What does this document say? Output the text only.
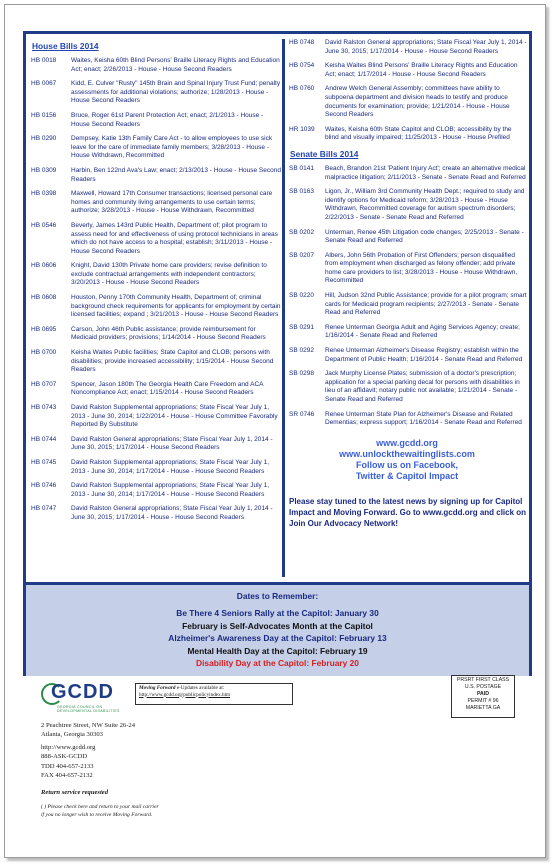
House Bills 2014
HB 0018	Waites, Keisha 60th Blind Persons' Braille Literacy Rights and Education Act; enact; 2/26/2013 - House - House Second Readers
HB 0067	Kidd, E. Culver "Rusty" 145th Brain and Spinal Injury Trust Fund; penalty assessments for additional violations; authorize; 1/28/2013 - House - House Second Readers
HB 0156	Bruce, Roger 61st Parent Protection Act; enact; 2/1/2013 - House - House Second Readers
HB 0290	Dempsey, Katie 13th Family Care Act - to allow employees to use sick leave for the care of immediate family members; 3/28/2013 - House - House Withdrawn, Recommitted
HB 0309	Harbin, Ben 122nd Ava's Law; enact; 2/13/2013 - House - House Second Readers
HB 0398	Maxwell, Howard 17th Consumer transactions; licensed personal care homes and community living arrangements to use certain terms; authorize; 3/28/2013 - House - House Withdrawn, Recommitted
HB 0546	Beverly, James 143rd Public Health, Department of; pilot program to assess need for and effectiveness of using protocol technicians in areas which do not have access to a hospital; establish; 3/11/2013 - House - House Second Readers
HB 0606	Knight, David 130th Private home care providers; revise definition to exclude contractual arrangements with independent contractors; 3/20/2013 - House - House Second Readers
HB 0608	Houston, Penny 170th Community Health, Department of; criminal background check requirements for applicants for employment by certain licensed facilities; expand ; 3/21/2013 - House - House Second Readers
HB 0695	Carson, John 46th Public assistance; provide reimbursement for Medicaid providers; provisions; 1/14/2014 - House Second Readers
HB 0700	Keisha Waites Public facilities; State Capitol and CLOB; persons with disabilities; provide increased accessibility; 1/15/2014 - House Second Readers
HB 0707	Spencer, Jason 180th The Georgia Health Care Freedom and ACA Noncompliance Act; enact; 1/15/2014 - House Second Readers
HB 0743	David Ralston Supplemental appropriations; State Fiscal Year July 1, 2013 - June 30, 2014; 1/22/2014 - House - House Committee Favorably Reported By Substitute
HB 0744	David Ralston General appropriations; State Fiscal Year July 1, 2014 - June 30, 2015; 1/17/2014 - House Second Readers
HB 0745	David Ralston Supplemental appropriations; State Fiscal Year July 1, 2013 - June 30, 2014; 1/17/2014 - House - House Second Readers
HB 0746	David Ralston Supplemental appropriations; State Fiscal Year July 1, 2013 - June 30, 2014; 1/17/2014 - House - House Second Readers
HB 0747	David Ralston General appropriations; State Fiscal Year July 1, 2014 - June 30, 2015; 1/17/2014 - House - House Second Readers
HB 0748	David Ralston General appropriations; State Fiscal Year July 1, 2014 - June 30, 2015; 1/17/2014 - House - House Second Readers
HB 0754	Keisha Waites Blind Persons' Braille Literacy Rights and Education Act; enact; 1/17/2014 - House - House Second Readers
HB 0760	Andrew Welch General Assembly; committees have ability to subpoena department and division heads to testify and produce documents for examination; provide; 1/21/2014 - House - House Second Readers
HR 1039	Waites, Keisha 60th State Capitol and CLOB; accessibility by the blind and visually impaired; 11/25/2013 - House - House Prefiled
Senate Bills 2014
SB 0141	Beach, Brandon 21st 'Patient Injury Act'; create an alternative medical malpractice litigation; 2/11/2013 - Senate - Senate Read and Referred
SB 0163	Ligon, Jr., William 3rd Community Health Dept.; required to study and identify options for Medicaid reform; 3/28/2013 - House - House Withdrawn, Recommitted coverage for autism spectrum disorders; 2/22/2013 - Senate - Senate Read and Referred
SB 0202	Unterman, Renee 45th Litigation code changes; 2/25/2013 - Senate - Senate Read and Referred
SB 0207	Albers, John 56th Probation of First Offenders; person disqualified from employment when discharged as felony offender; add private home care providers to list; 3/28/2013 - House - House Withdrawn, Recommitted
SB 0220	Hill, Judson 32nd Public Assistance; provide for a pilot program; smart cards for Medicaid program recipients; 2/27/2013 - Senate - Senate Read and Referred
SB 0291	Renee Unterman Georgia Adult and Aging Services Agency; create; 1/16/2014 - Senate Read and Referred
SB 0292	Renee Unterman Alzheimer's Disease Registry; establish within the Department of Public Health; 1/16/2014 - Senate Read and Referred
SB 0298	Jack Murphy License Plates; submission of a doctor's prescription; application for a special parking decal for persons with disabilities in lieu of an affidavit; notary public not available; 1/21/2014 - Senate - Senate Read and Referred
SR 0746	Renee Unterman State Plan for Alzheimer's Disease and Related Dementias; express support; 1/16/2014 - Senate Read and Referred
www.gcdd.org
www.unlockthewaitinglists.com
Follow us on Facebook,
Twitter & Capitol Impact
Please stay tuned to the latest news by signing up for Capitol Impact and Moving Forward. Go to www.gcdd.org and click on Join Our Advocacy Network!
Dates to Remember:
Be There 4 Seniors Rally at the Capitol: January 30
February is Self-Advocates Month at the Capitol
Alzheimer's Awareness Day at the Capitol: February 13
Mental Health Day at the Capitol: February 19
Disability Day at the Capitol: February 20
GCDD
GEORGIA COUNCIL ON DEVELOPMENTAL DISABILITIES
Moving Forward e-Updates available at:
http://www.gcdd.org/publicpolicyindex.htm
PRSRT FIRST CLASS
U.S. POSTAGE
PAID
PERMIT # 96
MARIETTA GA
2 Peachtree Street, NW Suite 26-24
Atlanta, Georgia 30303
http://www.gcdd.org
888-ASK-GCDD
TDD 404-657-2133
FAX 404-657-2132
Return service requested
( ) Please check here and return to your mail carrier
if you no longer wish to receive Moving Forward.
